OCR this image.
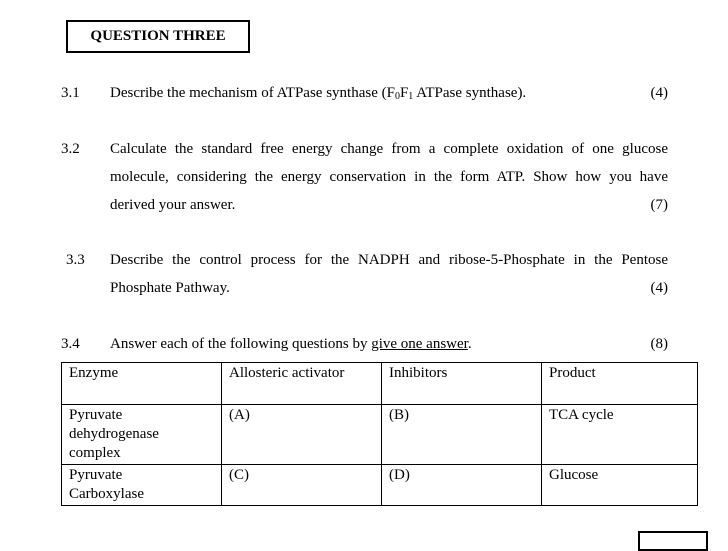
QUESTION THREE
3.1 Describe the mechanism of ATPase synthase ($F_0F_1$ ATPase synthase).	(4)
3.2 Calculate the standard free energy change from a complete oxidation of one glucose
molecule, considering the energy conservation in the form ATP. Show how you have
derived your answer.	(7)
3.3 Describe the control process for the NADPH and ribose-5-Phosphate in the Pentose
Phosphate Pathway.	(4)
3.4 Answer each of the following questions by give one answer.	(8)
Enzyme	Allosteric activator	Inhibitors	Product
Pyruvate
dehydrogenase
complex	(A)	(B)	TCA cycle
Pyruvate
Carboxylase	(C)	(D)	Glucose
